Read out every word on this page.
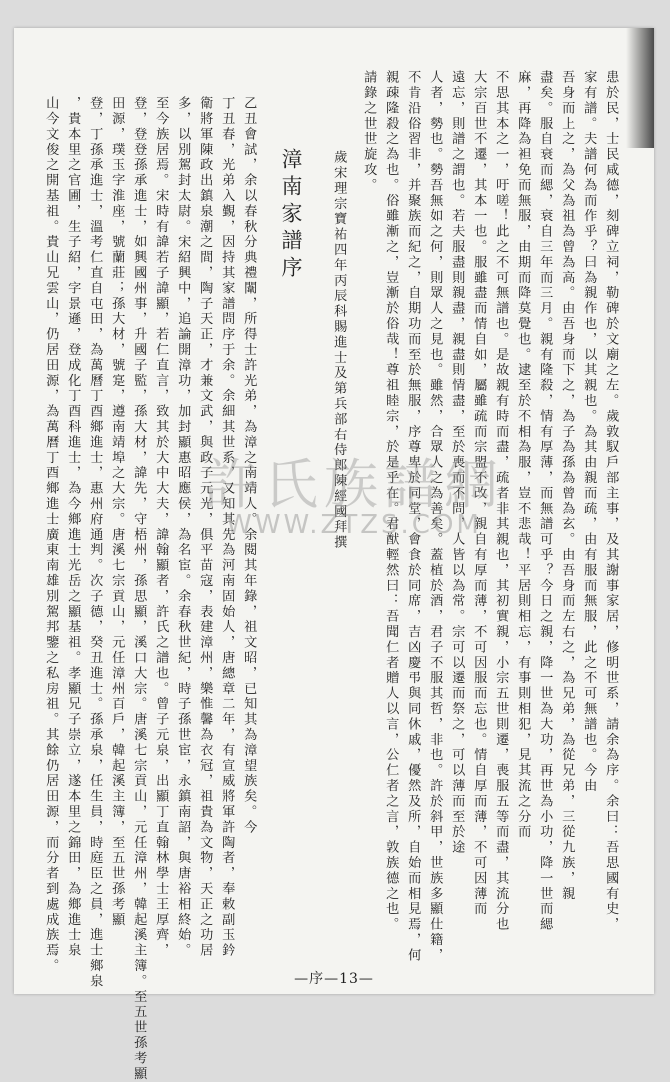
患於民，士民咸德，刻碑立祠，勒碑於文廟之左。歲敦馭戶部主事，及其謝事家居，修明世系，請余為序。余曰：吾思國有史，
家有譜。夫譜何為而作乎？曰為親作也，以其親也。為其由親而疏，由有服而無服，此之不可無譜也。今由
吾身而上之，為父為祖為曾為高。由吾身而下之，為子為孫為曾為玄。由吾身而左右之，為兄弟，為從兄弟，三從九族，親
盡矣。服自衰而緦，衰自三年而三月。親有隆殺，情有厚薄，而無譜可乎？今日之親，降一世為大功，再世為小功，降一世而緦
麻，再降為袒免而無服，由期而降莫覺也。逮至於不相為服，豈不悲哉！平居則相忘，有事則相犯，見其流之分而
不思其本之一，吁嗟！此之不可無譜也。是故親有時而盡，疏者非其親也，其初實親，小宗五世則遷，喪服五等而盡，其流分也
大宗百世不遷，其本一也。服雖盡而情自如，屬雖疏而宗盟不改，親自有厚而薄，不可因服而忘也。情自厚而薄，不可因薄而
遠忘，則譜之謂也。若夫服盡則親盡，親盡則情盡，至於喪而不問，人皆以為常。宗可以遷而祭之，可以薄而至於途
人者，勢也。勢吾無如之何，則眾人之見也。雖然，合眾人之為善矣。蓋植於酒，君子不服其哲，非也。許於斜甲，世族多顯仕籍，
不肯沿俗習非，并聚族而紀之，自期功而至於無服，序尊卑於同堂，會食於同席，吉凶慶弔與同休戚，優然及所，自始而相見焉，何
親疎隆殺之為也。俗雖漸之，豈漸於俗哉！尊祖睦宗，於是乎在。君猷輕然曰：吾聞仁者贈人以言，公仁者之言，敦族德之也。
請錄之世世旋攻。
歲宋理宗寶祐四年丙辰科賜進士及第兵部右侍郎陳經國拜撰
漳南家譜序
乙丑會試，余以春秋分典禮闈，所得士許光弟，為漳之南靖人。余閱其年錄，祖文昭，已知其為漳望族矣。今
丁丑春，光弟入覲，因持其家譜問序于余。余細其世系，又知其先為河南固始人，唐總章二年，有宣威將軍許陶者，奉敕副玉鈐
衛將軍陳政出鎮泉潮之間，陶子天正，才兼文武，與政子元光，俱平苗寇，表建漳州，樂惟馨為衣冠，祖貴為文物，天正之功居
多，以別駕封太尉。宋紹興中，追論開漳功，加封顯惠昭應侯，為名宦。余春秋世紀，時子孫世宦，永鎮南詔，與唐裕相終始。
至今族居焉。宋時有諱若子諱顯，若仁直言，致其於大中大夫，諱翰顯者，許氏之譜也。曾子元泉，出顯丁直翰林學士王厚齊，
登，登登孫承進士，如興國州事，升國子監，孫大材，諱先，守梧州，孫思顯，溪口大宗。唐溪七宗貢山，元任漳州，韓起溪主簿。至五世孫考顯
田源，璞玉字淮座，號蘭莊；孫大材，號寔，遵南靖埠之大宗。唐溪七宗貢山，元任漳州百戶，韓起溪主簿，至五世孫考顯
登，丁孫承進士，溫考仁直自屯田，為萬曆丁酉鄉進士，惠州府通判。次子德，癸丑進士。孫承泉，任生員，時庭臣之員，進士鄉泉
，貴本里之官圃，生子紹，字景遜，登成化丁酉科進士，為今鄉進士光岳之顯基祖。孝顯兄子崇立，遂本里之錦田，為鄉進士泉
山今文俊之開基祖。貴山兄雲山，仍居田源，為萬曆丁酉鄉進士廣東南雄別駕邦鑒之私房祖。其餘仍居田源，而分者到處成族焉。	許氏族譜網
WWW.ZTZS.COM
—序—13—
